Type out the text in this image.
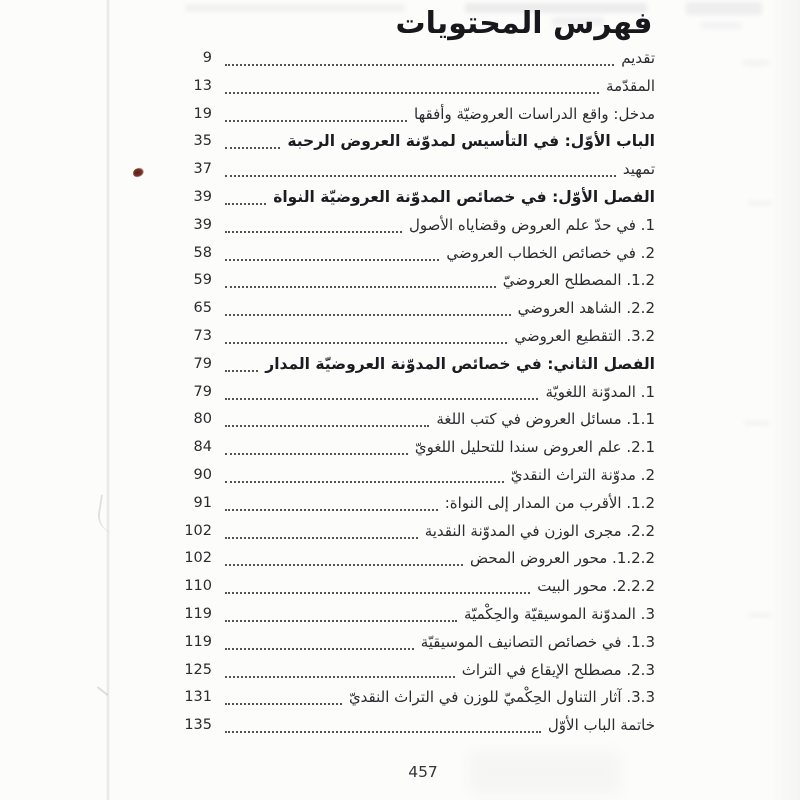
فهرس المحتويات
تقديم
9
المقدّمة
13
مدخل: واقع الدراسات العروضيّة وأفقها
19
الباب الأوّل: في التأسيس لمدوّنة العروض الرحبة
35
تمهيد
37
الفصل الأوّل: في خصائص المدوّنة العروضيّة النواة
39
1. في حدّ علم العروض وقضاياه الأصول
39
2. في خصائص الخطاب العروضي
58
1.2. المصطلح العروضيّ
59
2.2. الشاهد العروضي
65
3.2. التقطيع العروضي
73
الفصل الثاني: في خصائص المدوّنة العروضيّة المدار
79
1. المدوّنة اللغويّة
79
1.1. مسائل العروض في كتب اللغة
80
2.1. علم العروض سندا للتحليل اللغويّ
84
2. مدوّنة التراث النقديّ
90
1.2. الأقرب من المدار إلى النواة:
91
2.2. مجرى الوزن في المدوّنة النقدية
102
1.2.2. محور العروض المحض
102
2.2.2. محور البيت
110
3. المدوّنة الموسيقيّة والحِكْميّة
119
1.3. في خصائص التصانيف الموسيقيّة
119
2.3. مصطلح الإيقاع في التراث
125
3.3. آثار التناول الحِكْميّ للوزن في التراث النقديّ
131
خاتمة الباب الأوّل
135
457
